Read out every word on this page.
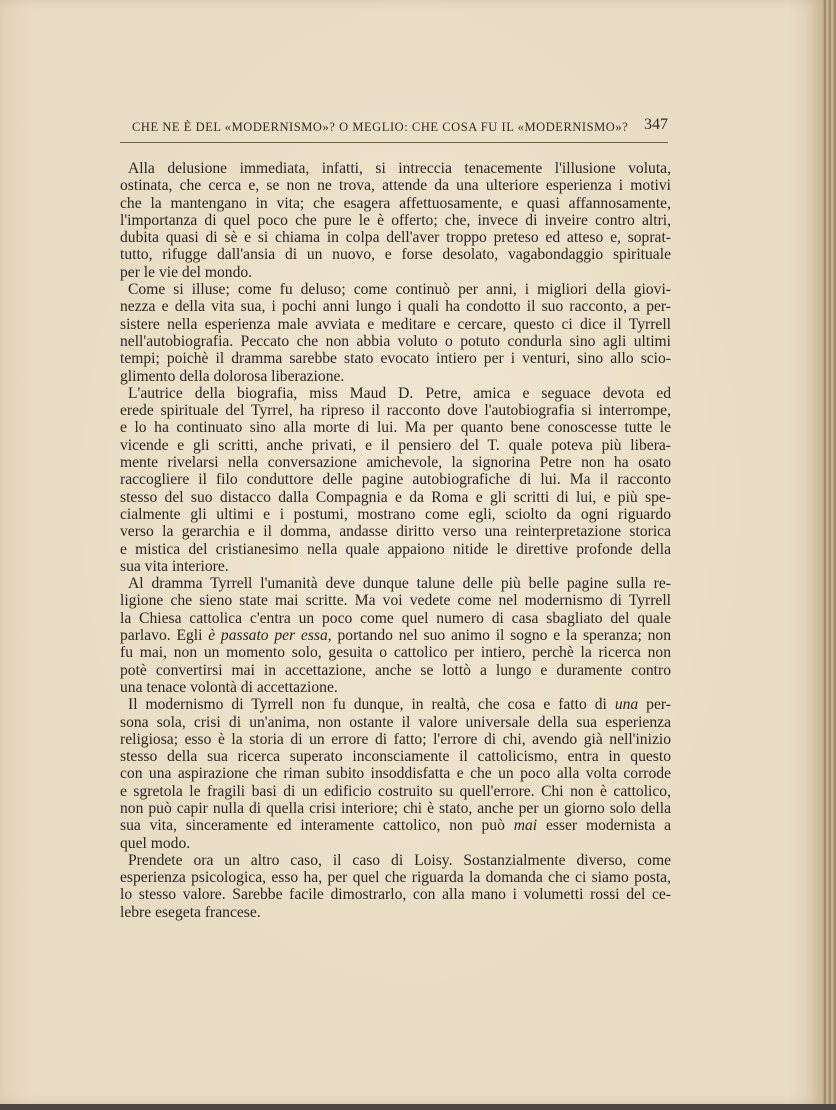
CHE NE È DEL «MODERNISMO»? O MEGLIO: CHE COSA FU IL «MODERNISMO»? 347
Alla delusione immediata, infatti, si intreccia tenacemente l'illusione voluta,
ostinata, che cerca e, se non ne trova, attende da una ulteriore esperienza i motivi
che la mantengano in vita; che esagera affettuosamente, e quasi affannosamente,
l'importanza di quel poco che pure le è offerto; che, invece di inveire contro altri,
dubita quasi di sè e si chiama in colpa dell'aver troppo preteso ed atteso e, soprat-
tutto, rifugge dall'ansia di un nuovo, e forse desolato, vagabondaggio spirituale
per le vie del mondo.
Come si illuse; come fu deluso; come continuò per anni, i migliori della giovi-
nezza e della vita sua, i pochi anni lungo i quali ha condotto il suo racconto, a per-
sistere nella esperienza male avviata e meditare e cercare, questo ci dice il Tyrrell
nell'autobiografia. Peccato che non abbia voluto o potuto condurla sino agli ultimi
tempi; poichè il dramma sarebbe stato evocato intiero per i venturi, sino allo scio-
glimento della dolorosa liberazione.
L'autrice della biografia, miss Maud D. Petre, amica e seguace devota ed
erede spirituale del Tyrrel, ha ripreso il racconto dove l'autobiografia si interrompe,
e lo ha continuato sino alla morte di lui. Ma per quanto bene conoscesse tutte le
vicende e gli scritti, anche privati, e il pensiero del T. quale poteva più libera-
mente rivelarsi nella conversazione amichevole, la signorina Petre non ha osato
raccogliere il filo conduttore delle pagine autobiografiche di lui. Ma il racconto
stesso del suo distacco dalla Compagnia e da Roma e gli scritti di lui, e più spe-
cialmente gli ultimi e i postumi, mostrano come egli, sciolto da ogni riguardo
verso la gerarchia e il domma, andasse diritto verso una reinterpretazione storica
e mistica del cristianesimo nella quale appaiono nitide le direttive profonde della
sua vita interiore.
Al dramma Tyrrell l'umanità deve dunque talune delle più belle pagine sulla re-
ligione che sieno state mai scritte. Ma voi vedete come nel modernismo di Tyrrell
la Chiesa cattolica c'entra un poco come quel numero di casa sbagliato del quale
parlavo. Egli è passato per essa, portando nel suo animo il sogno e la speranza; non
fu mai, non un momento solo, gesuita o cattolico per intiero, perchè la ricerca non
potè convertirsi mai in accettazione, anche se lottò a lungo e duramente contro
una tenace volontà di accettazione.
Il modernismo di Tyrrell non fu dunque, in realtà, che cosa e fatto di una per-
sona sola, crisi di un'anima, non ostante il valore universale della sua esperienza
religiosa; esso è la storia di un errore di fatto; l'errore di chi, avendo già nell'inizio
stesso della sua ricerca superato inconsciamente il cattolicismo, entra in questo
con una aspirazione che riman subito insoddisfatta e che un poco alla volta corrode
e sgretola le fragili basi di un edificio costruito su quell'errore. Chi non è cattolico,
non può capir nulla di quella crisi interiore; chi è stato, anche per un giorno solo della
sua vita, sinceramente ed interamente cattolico, non può mai esser modernista a
quel modo.
Prendete ora un altro caso, il caso di Loisy. Sostanzialmente diverso, come
esperienza psicologica, esso ha, per quel che riguarda la domanda che ci siamo posta,
lo stesso valore. Sarebbe facile dimostrarlo, con alla mano i volumetti rossi del ce-
lebre esegeta francese.
